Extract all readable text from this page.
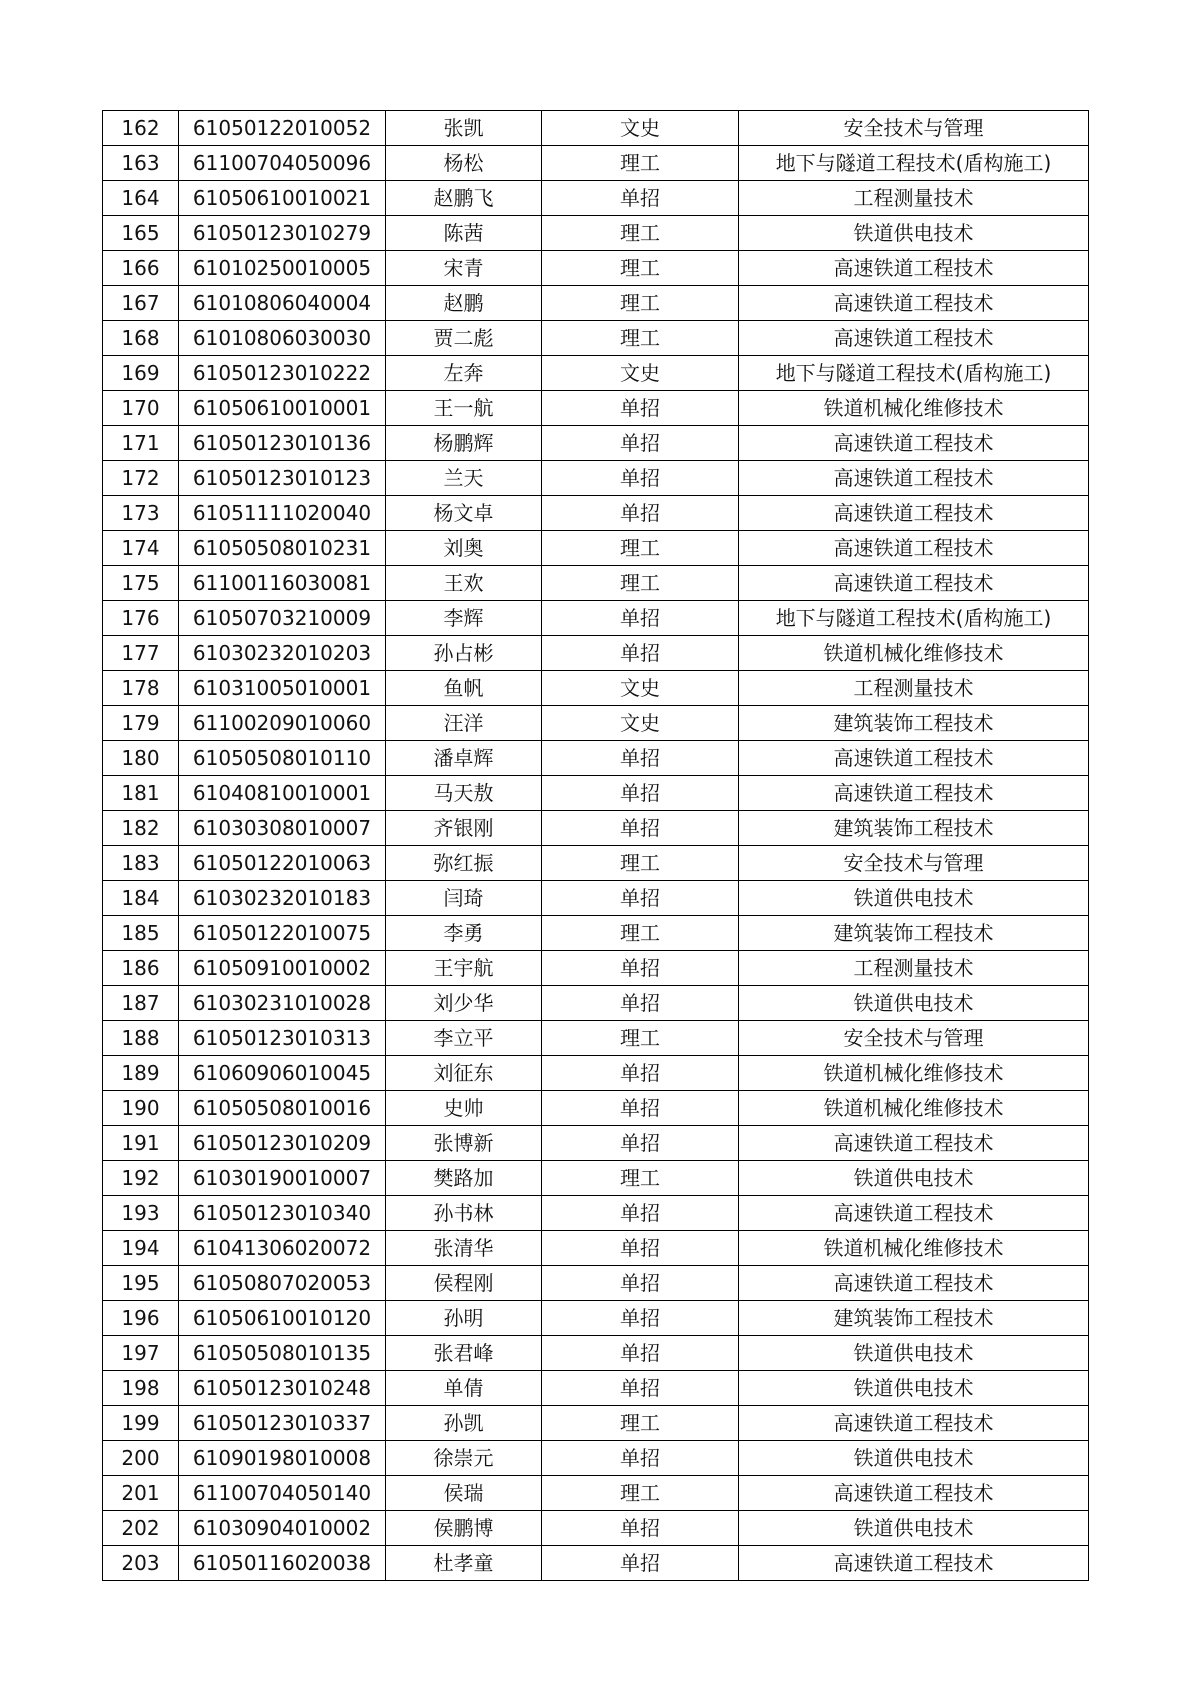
162	61050122010052	张凯	文史	安全技术与管理
163	61100704050096	杨松	理工	地下与隧道工程技术(盾构施工)
164	61050610010021	赵鹏飞	单招	工程测量技术
165	61050123010279	陈茜	理工	铁道供电技术
166	61010250010005	宋青	理工	高速铁道工程技术
167	61010806040004	赵鹏	理工	高速铁道工程技术
168	61010806030030	贾二彪	理工	高速铁道工程技术
169	61050123010222	左奔	文史	地下与隧道工程技术(盾构施工)
170	61050610010001	王一航	单招	铁道机械化维修技术
171	61050123010136	杨鹏辉	单招	高速铁道工程技术
172	61050123010123	兰天	单招	高速铁道工程技术
173	61051111020040	杨文卓	单招	高速铁道工程技术
174	61050508010231	刘奥	理工	高速铁道工程技术
175	61100116030081	王欢	理工	高速铁道工程技术
176	61050703210009	李辉	单招	地下与隧道工程技术(盾构施工)
177	61030232010203	孙占彬	单招	铁道机械化维修技术
178	61031005010001	鱼帆	文史	工程测量技术
179	61100209010060	汪洋	文史	建筑装饰工程技术
180	61050508010110	潘卓辉	单招	高速铁道工程技术
181	61040810010001	马天敖	单招	高速铁道工程技术
182	61030308010007	齐银刚	单招	建筑装饰工程技术
183	61050122010063	弥红振	理工	安全技术与管理
184	61030232010183	闫琦	单招	铁道供电技术
185	61050122010075	李勇	理工	建筑装饰工程技术
186	61050910010002	王宇航	单招	工程测量技术
187	61030231010028	刘少华	单招	铁道供电技术
188	61050123010313	李立平	理工	安全技术与管理
189	61060906010045	刘征东	单招	铁道机械化维修技术
190	61050508010016	史帅	单招	铁道机械化维修技术
191	61050123010209	张博新	单招	高速铁道工程技术
192	61030190010007	樊路加	理工	铁道供电技术
193	61050123010340	孙书林	单招	高速铁道工程技术
194	61041306020072	张清华	单招	铁道机械化维修技术
195	61050807020053	侯程刚	单招	高速铁道工程技术
196	61050610010120	孙明	单招	建筑装饰工程技术
197	61050508010135	张君峰	单招	铁道供电技术
198	61050123010248	单倩	单招	铁道供电技术
199	61050123010337	孙凯	理工	高速铁道工程技术
200	61090198010008	徐崇元	单招	铁道供电技术
201	61100704050140	侯瑞	理工	高速铁道工程技术
202	61030904010002	侯鹏博	单招	铁道供电技术
203	61050116020038	杜孝童	单招	高速铁道工程技术
